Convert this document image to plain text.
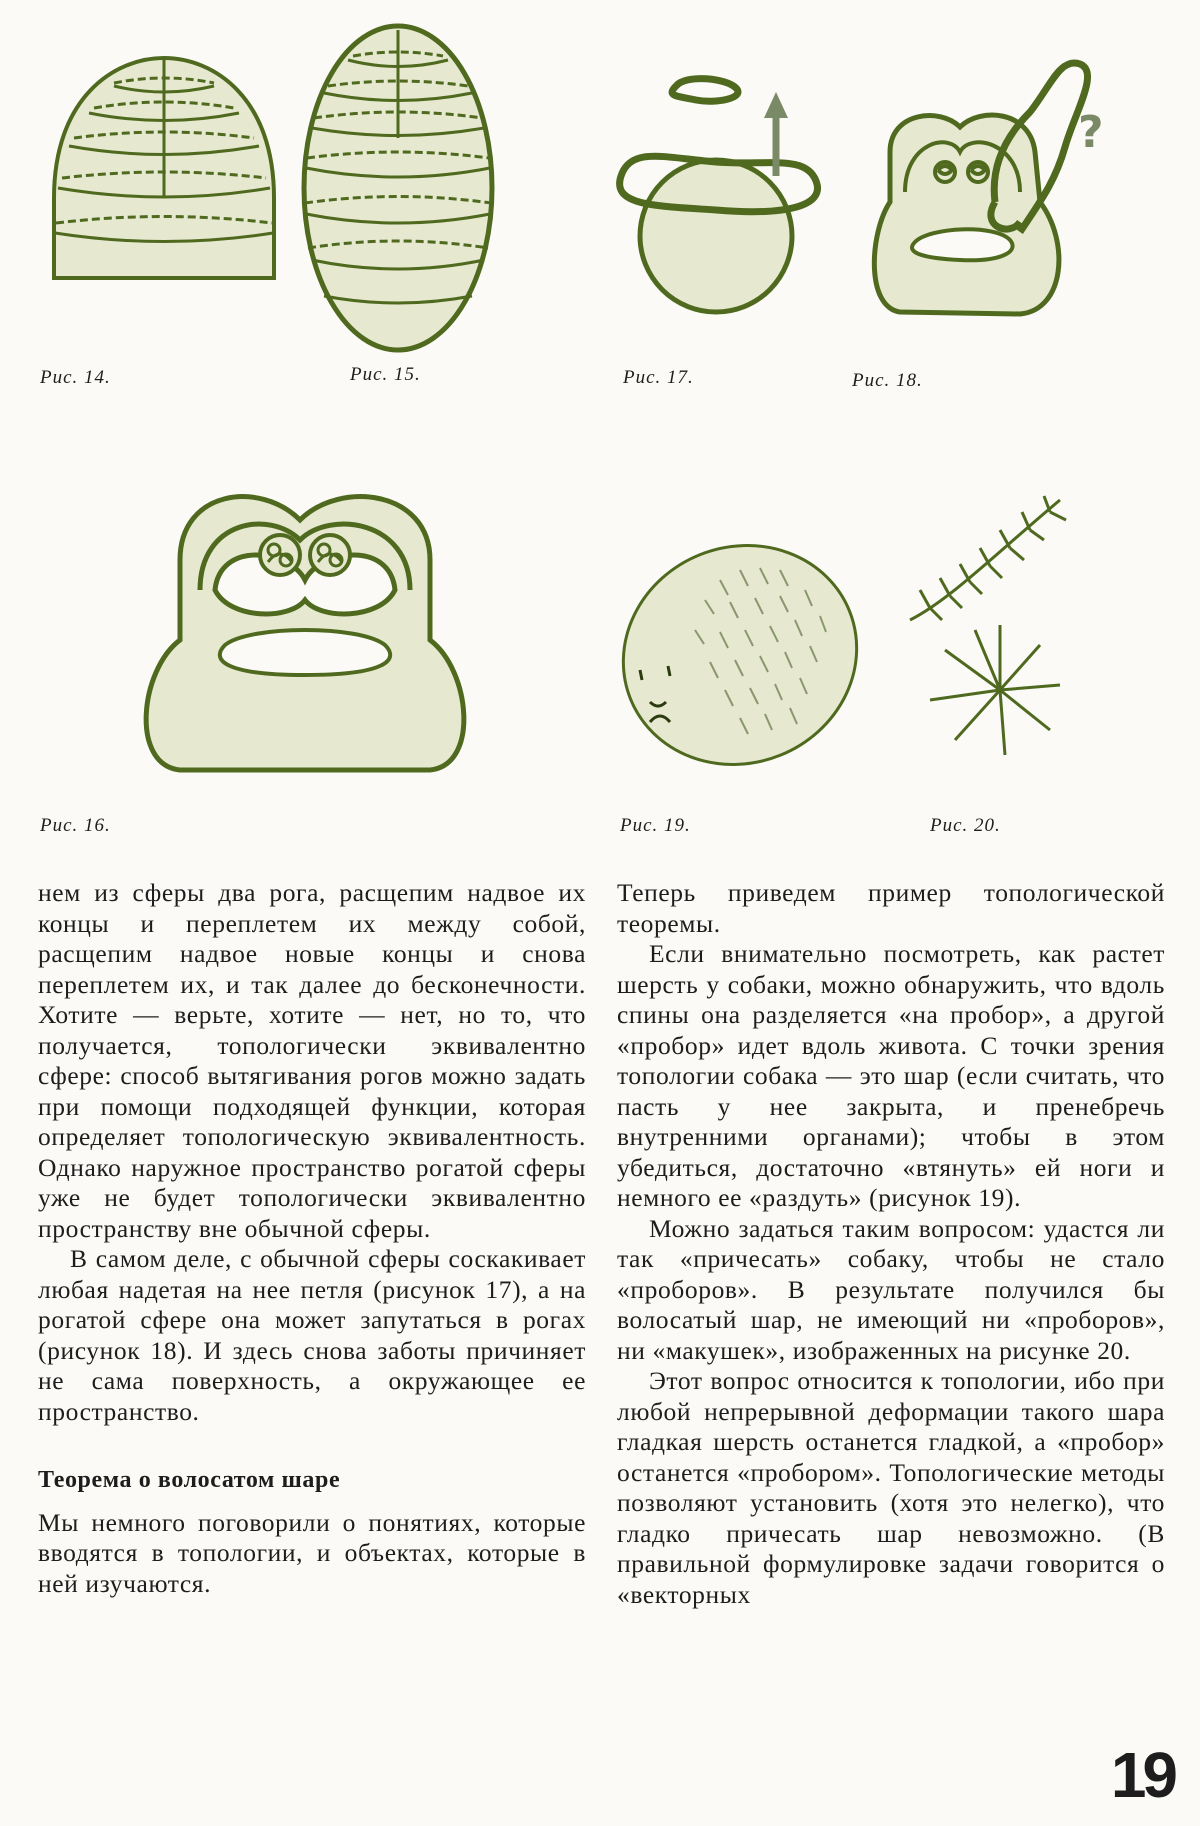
Рис. 14.	Рис. 15.	Рис. 17.
?
Рис. 18.
Рис. 16.	Рис. 19.	Рис. 20.

нем из сферы два рога, расщепим надвое их концы и переплетем их между собой, расщепим надвое новые концы и снова переплетем их, и так далее до бесконечности. Хотите — верьте, хотите — нет, но то, что получается, топологически эквивалентно сфере: способ вытягивания рогов можно задать при помощи подходящей функции, которая определяет топологическую эквивалентность. Однако наружное пространство рогатой сферы уже не будет топологически эквивалентно пространству вне обычной сферы.

В самом деле, с обычной сферы соскакивает любая надетая на нее петля (рисунок 17), а на рогатой сфере она может запутаться в рогах (рисунок 18). И здесь снова заботы причиняет не сама поверхность, а окружающее ее пространство.

Теорема о волосатом шаре

Мы немного поговорили о понятиях, которые вводятся в топологии, и объектах, которые в ней изучаются.

Теперь приведем пример топологической теоремы.

Если внимательно посмотреть, как растет шерсть у собаки, можно обнаружить, что вдоль спины она разделяется «на пробор», а другой «пробор» идет вдоль живота. С точки зрения топологии собака — это шар (если считать, что пасть у нее закрыта, и пренебречь внутренними органами); чтобы в этом убедиться, достаточно «втянуть» ей ноги и немного ее «раздуть» (рисунок 19).

Можно задаться таким вопросом: удастся ли так «причесать» собаку, чтобы не стало «проборов». В результате получился бы волосатый шар, не имеющий ни «проборов», ни «макушек», изображенных на рисунке 20.

Этот вопрос относится к топологии, ибо при любой непрерывной деформации такого шара гладкая шерсть останется гладкой, а «пробор» останется «пробором». Топологические методы позволяют установить (хотя это нелегко), что гладко причесать шар невозможно. (В правильной формулировке задачи говорится о «векторных

19
